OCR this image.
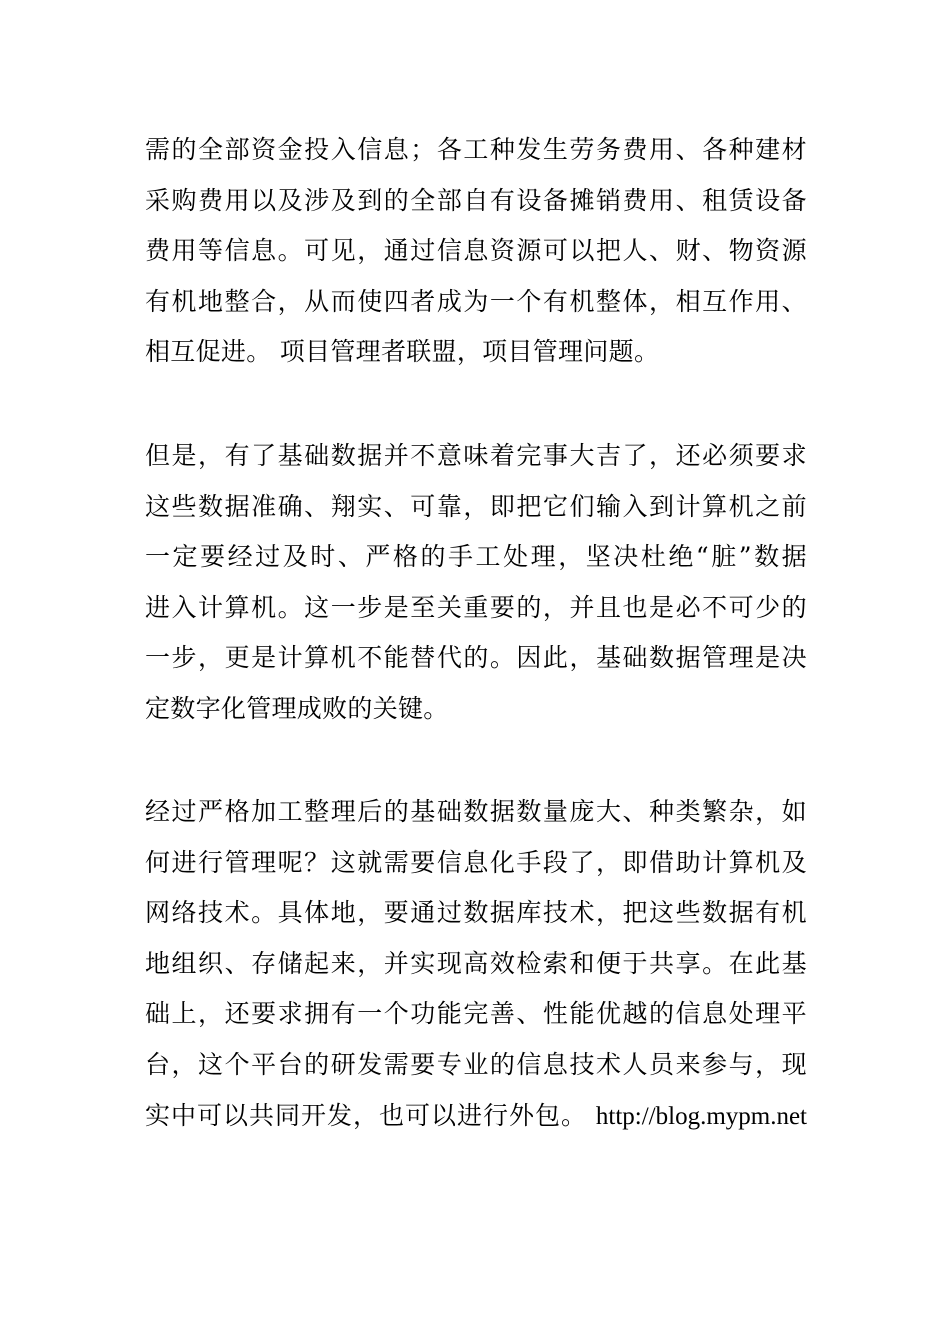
需的全部资金投入信息；各工种发生劳务费用、各种建材
采购费用以及涉及到的全部自有设备摊销费用、租赁设备
费用等信息。可见，通过信息资源可以把人、财、物资源
有机地整合，从而使四者成为一个有机整体，相互作用、
相互促进。 项目管理者联盟，项目管理问题。
但是，有了基础数据并不意味着完事大吉了，还必须要求
这些数据准确、翔实、可靠，即把它们输入到计算机之前
一定要经过及时、严格的手工处理，坚决杜绝“脏”数据
进入计算机。这一步是至关重要的，并且也是必不可少的
一步，更是计算机不能替代的。因此，基础数据管理是决
定数字化管理成败的关键。
经过严格加工整理后的基础数据数量庞大、种类繁杂，如
何进行管理呢？这就需要信息化手段了，即借助计算机及
网络技术。具体地，要通过数据库技术，把这些数据有机
地组织、存储起来，并实现高效检索和便于共享。在此基
础上，还要求拥有一个功能完善、性能优越的信息处理平
台，这个平台的研发需要专业的信息技术人员来参与，现
实中可以共同开发，也可以进行外包。 http://blog.mypm.net
